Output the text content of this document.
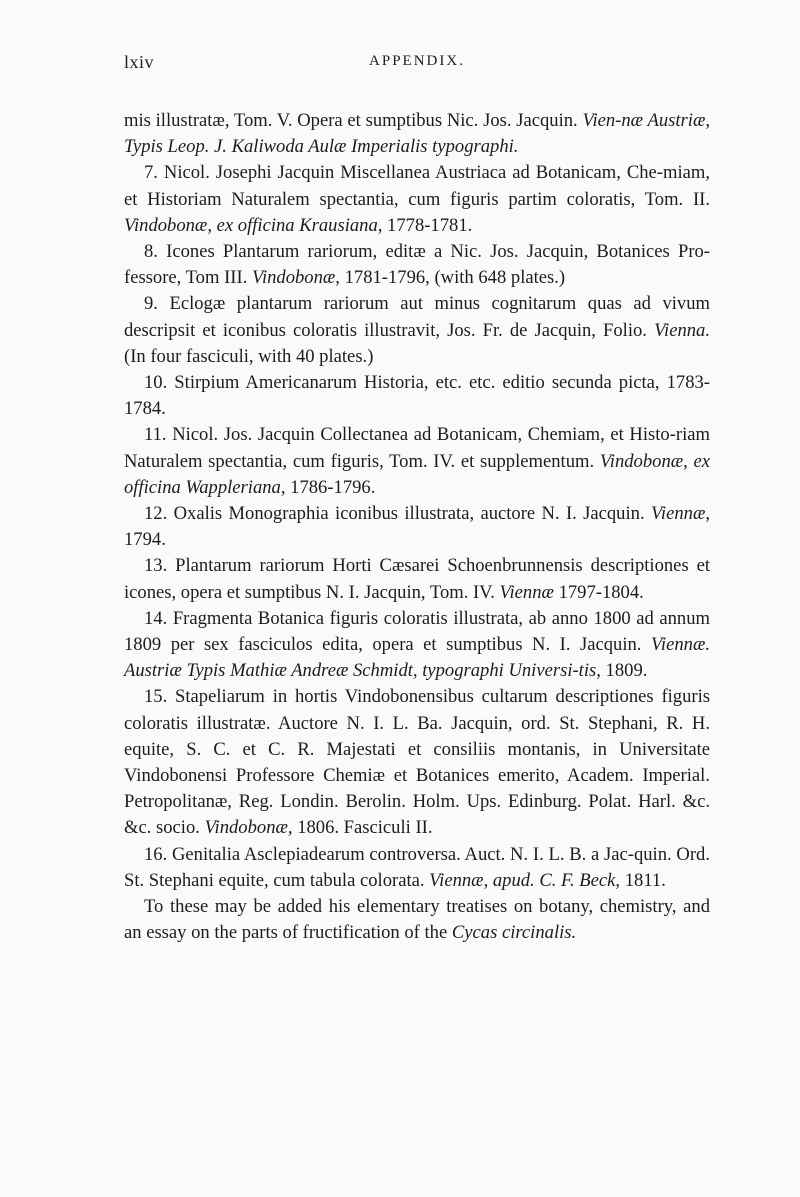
lxiv	APPENDIX.

mis illustratæ, Tom. V. Opera et sumptibus Nic. Jos. Jacquin. Vien-næ Austriæ, Typis Leop. J. Kaliwoda Aulæ Imperialis typographi.

7. Nicol. Josephi Jacquin Miscellanea Austriaca ad Botanicam, Che-miam, et Historiam Naturalem spectantia, cum figuris partim coloratis, Tom. II. Vindobonæ, ex officina Krausiana, 1778-1781.

8. Icones Plantarum rariorum, editæ a Nic. Jos. Jacquin, Botanices Pro-fessore, Tom III. Vindobonæ, 1781-1796, (with 648 plates.)

9. Eclogæ plantarum rariorum aut minus cognitarum quas ad vivum descripsit et iconibus coloratis illustravit, Jos. Fr. de Jacquin, Folio. Vienna. (In four fasciculi, with 40 plates.)

10. Stirpium Americanarum Historia, etc. etc. editio secunda picta, 1783-1784.

11. Nicol. Jos. Jacquin Collectanea ad Botanicam, Chemiam, et Histo-riam Naturalem spectantia, cum figuris, Tom. IV. et supplementum. Vindobonæ, ex officina Wappleriana, 1786-1796.

12. Oxalis Monographia iconibus illustrata, auctore N. I. Jacquin. Viennæ, 1794.

13. Plantarum rariorum Horti Cæsarei Schoenbrunnensis descriptiones et icones, opera et sumptibus N. I. Jacquin, Tom. IV. Viennæ 1797-1804.

14. Fragmenta Botanica figuris coloratis illustrata, ab anno 1800 ad annum 1809 per sex fasciculos edita, opera et sumptibus N. I. Jacquin. Viennæ. Austriæ Typis Mathiæ Andreæ Schmidt, typographi Universi-tis, 1809.

15. Stapeliarum in hortis Vindobonensibus cultarum descriptiones figuris coloratis illustratæ. Auctore N. I. L. Ba. Jacquin, ord. St. Stephani, R. H. equite, S. C. et C. R. Majestati et consiliis montanis, in Universitate Vindobonensi Professore Chemiæ et Botanices emerito, Academ. Imperial. Petropolitanæ, Reg. Londin. Berolin. Holm. Ups. Edinburg. Polat. Harl. &c. &c. socio. Vindobonæ, 1806. Fasciculi II.

16. Genitalia Asclepiadearum controversa. Auct. N. I. L. B. a Jac-quin. Ord. St. Stephani equite, cum tabula colorata. Viennæ, apud. C. F. Beck, 1811.

To these may be added his elementary treatises on botany, chemistry, and an essay on the parts of fructification of the Cycas circinalis.
